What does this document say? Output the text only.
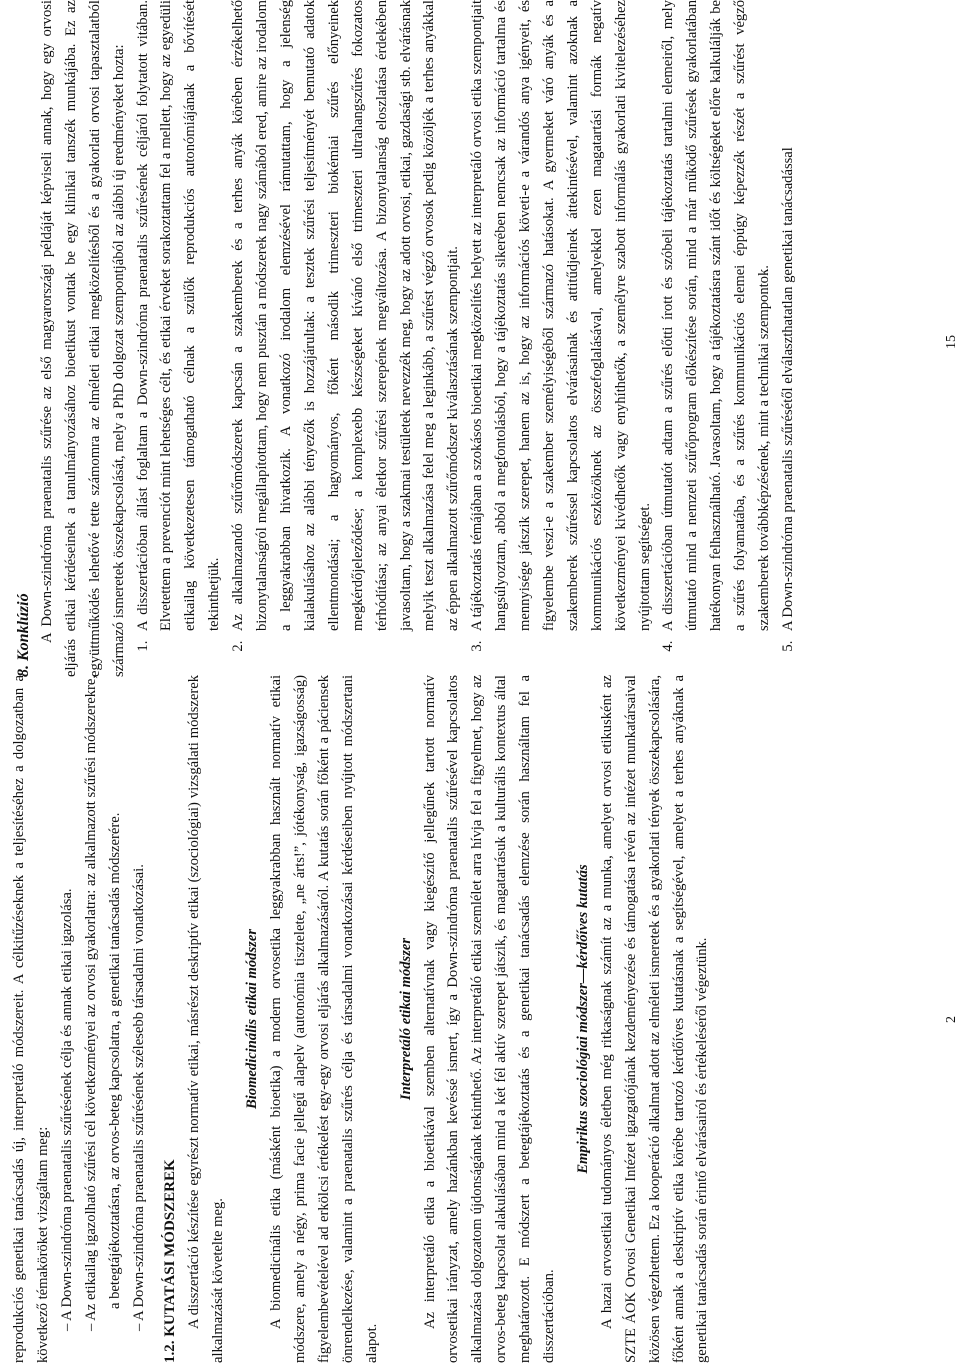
reprodukciós genetikai tanácsadás új, interpretáló módszereit. A célkitűzéseknek a teljesítéséhez a dolgozatban a következő témaköröket vizsgáltam meg: – A Down-szindróma praenatalis szűrésének célja és annak etikai igazolása.
– Az etikailag igazolható szűrési cél következményei az orvosi gyakorlatra: az alkalmazott szűrési módszerekre, a betegtájékoztatásra, az orvos-beteg kapcsolatra, a genetikai tanácsadás módszerére.
– A Down-szindróma praenatalis szűrésének szélesebb társadalmi vonatkozásai.	1.2. KUTATÁSI MÓDSZEREK A disszertáció készítése egyrészt normatív etikai, másrészt deskriptív etikai (szociológiai) vizsgálati módszerek alkalmazását követelte meg.

Biomedicinális etikai módszer A biomedicinális etika (másként bioetika) a modern orvosetika leggyakrabban használt normatív etikai módszere, amely a négy, prima facie jellegű alapelv (autonómia tisztelete, „ne árts!”, jótékonyság, igazságosság) figyelembevételével ad erkölcsi értékelést egy-egy orvosi eljárás alkalmazásáról. A kutatás során főként a páciensek önrendelkezése, valamint a praenatalis szűrés célja és társadalmi vonatkozásai kérdéseiben nyújtott módszertani alapot.

Interpretáló etikai módszer Az interpretáló etika a bioetikával szemben alternatívnak vagy kiegészítő jellegűnek tartott normatív orvosetikai irányzat, amely hazánkban kevéssé ismert, így a Down-szindróma praenatalis szűrésével kapcsolatos alkalmazása dolgozatom újdonságának tekinthető. Az interpretáló etikai szemlélet arra hívja fel a figyelmet, hogy az orvos-beteg kapcsolat alakulásában mind a két fél aktív szerepet játszik, és magatartásuk a kulturális kontextus által meghatározott. E módszert a betegtájékoztatás és a genetikai tanácsadás elemzése során használtam fel a disszertációban.

Empirikus szociológiai módszer—kérdőíves kutatás A hazai orvosetikai tudományos életben még ritkaságnak számít az a munka, amelyet orvosi etikusként az SZTE ÁOK Orvosi Genetikai Intézet igazgatójának kezdeményezése és támogatása révén az intézet munkatársaival közösen végezhettem. Ez a kooperáció alkalmat adott az elméleti ismeretek és a gyakorlati tények összekapcsolására, főként annak a deskriptív etika körébe tartozó kérdőíves kutatásnak a segítségével, amelyet a terhes anyáknak a genetikai tanácsadás során érintő elvárásairól és értékeléséről végeztünk.	2
8. Konklúzió A Down-szindróma praenatalis szűrése az első magyarországi példáját képviseli annak, hogy egy orvosi eljárás etikai kérdéseinek a tanulmányozásához bioetikust vontak be egy klinikai tanszék munkájába. Ez az együttműködés lehetővé tette számomra az elméleti etikai megközelítésből és a gyakorlati orvosi tapasztalatból származó ismeretek összekapcsolását, mely a PhD dolgozat szempontjából az alábbi új eredményeket hozta: 1. A disszertációban állást foglaltam a Down-szindróma praenatalis szűrésének céljáról folytatott vitában. Elvetettem a prevenciót mint lehetséges célt, és etikai érveket sorakoztattam fel a mellett, hogy az egyedüli etikailag következetesen támogatható célnak a szülők reprodukciós autonómiájának a bővítését tekinthetjük. 2. Az alkalmazandó szűrőmódszerek kapcsán a szakemberek és a terhes anyák körében érzékelhető bizonytalanságról megállapítottam, hogy nem pusztán a módszerek nagy számából ered, amire az irodalom a leggyakrabban hivatkozik. A vonatkozó irodalom elemzésével rámutattam, hogy a jelenség kialakulásához az alábbi tényezők is hozzájárultak: a tesztek szűrési teljesítményét bemutató adatok ellentmondásai; a hagyományos, főként második trimeszteri biokémiai szűrés előnyeinek megkérdőjeleződése; a komplexebb készségeket kívánó első trimeszteri ultrahangszűrés fokozatos térhódítása; az anyai életkor szűrési szerepének megváltozása. A bizonytalanság eloszlatása érdekében javasoltam, hogy a szakmai testületek nevezzék meg, hogy az adott orvosi, etikai, gazdasági stb. elvárásnak melyik teszt alkalmazása felel meg a leginkább, a szűrést végző orvosok pedig közöljék a terhes anyákkal az éppen alkalmazott szűrőmódszer kiválasztásának szempontjait. 3. A tájékoztatás témájában a szokásos bioetikai megközelítés helyett az interpretáló orvosi etika szempontjait hangsúlyoztam, abból a megfontolásból, hogy a tájékoztatás sikerében nemcsak az információ tartalma és mennyisége játszik szerepet, hanem az is, hogy az információs követi-e a várandós anya igényeit, és figyelembe veszi-e a szakember személyiségéből származó hatásokat. A gyermeket váró anyák és a szakemberek szűréssel kapcsolatos elvárásainak és attitűdjeinek áttekintésével, valamint azoknak a kommunikációs eszközöknek az összefoglalásával, amelyekkel ezen magatartási formák negatív következményei kivédhetők vagy enyhíthetők, a személyre szabott informálás gyakorlati kivitelezéséhez nyújtottam segítséget. 4. A disszertációban útmutatót adtam a szűrés előtti írott és szóbeli tájékoztatás tartalmi elemeiről, mely útmutató mind a nemzeti szűrőprogram előkészítése során, mind a már működő szűrések gyakorlatában hatékonyan felhasználható. Javasoltam, hogy a tájékoztatásra szánt időt és költségeket előre kalkulálják be a szűrés folyamatába, és a szűrés kommunikációs elemei éppúgy képezzék részét a szűrést végző szakemberek továbbképzésének, mint a technikai szempontok. 5. A Down-szindróma praenatalis szűrésétől elválaszthatatlan genetikai tanácsadással	15
